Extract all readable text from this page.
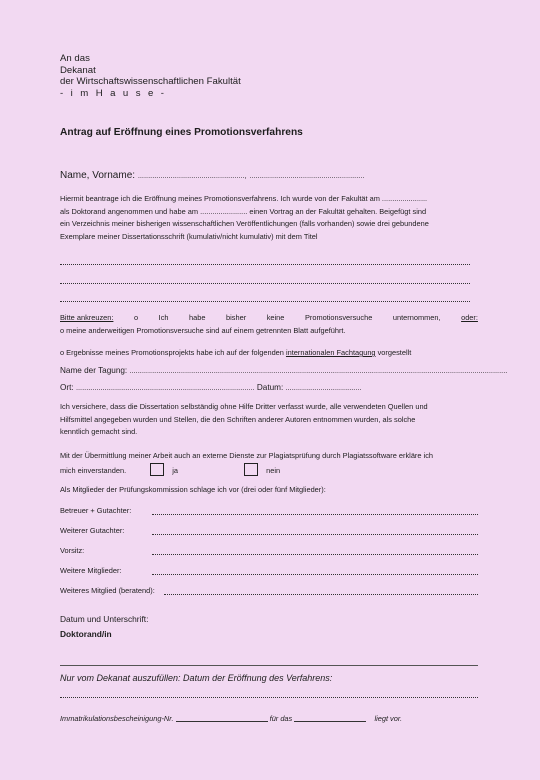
An das
Dekanat
der Wirtschaftswissenschaftlichen Fakultät
- i m H a u s e -
Antrag auf Eröffnung eines Promotionsverfahrens
Name, Vorname: ...................................................., ........................................................
Hiermit beantrage ich die Eröffnung meines Promotionsverfahrens. Ich wurde von der Fakultät am ......................
als Doktorand angenommen und habe am ....................... einen Vortrag an der Fakultät gehalten. Beigefügt sind
ein Verzeichnis meiner bisherigen wissenschaftlichen Veröffentlichungen (falls vorhanden) sowie drei gebundene
Exemplare meiner Dissertationsschrift (kumulativ/nicht kumulativ) mit dem Titel
Bitte ankreuzen:	o	Ich	habe	bisher	keine	Promotionsversuche	unternommen,	oder:
o meine anderweitigen Promotionsversuche sind auf einem getrennten Blatt aufgeführt.
o Ergebnisse meines Promotionsprojekts habe ich auf der folgenden internationalen Fachtagung vorgestellt
Name der Tagung: ........................................................................................................................................................................................
Ort: ....................................................................................... Datum: .....................................
Ich versichere, dass die Dissertation selbständig ohne Hilfe Dritter verfasst wurde, alle verwendeten Quellen und
Hilfsmittel angegeben wurden und Stellen, die den Schriften anderer Autoren entnommen wurden, als solche
kenntlich gemacht sind.
Mit der Übermittlung meiner Arbeit auch an externe Dienste zur Plagiatsprüfung durch Plagiatssoftware erkläre ich
mich einverstanden.	ja	nein
Als Mitglieder der Prüfungskommission schlage ich vor (drei oder fünf Mitglieder):
Betreuer + Gutachter:
Weiterer Gutachter:
Vorsitz:
Weitere Mitglieder:
Weiteres Mitglied (beratend):
Datum und Unterschrift:
Doktorand/in
Nur vom Dekanat auszufüllen: Datum der Eröffnung des Verfahrens:
Immatrikulationsbescheinigung-Nr.	für das	liegt vor.
